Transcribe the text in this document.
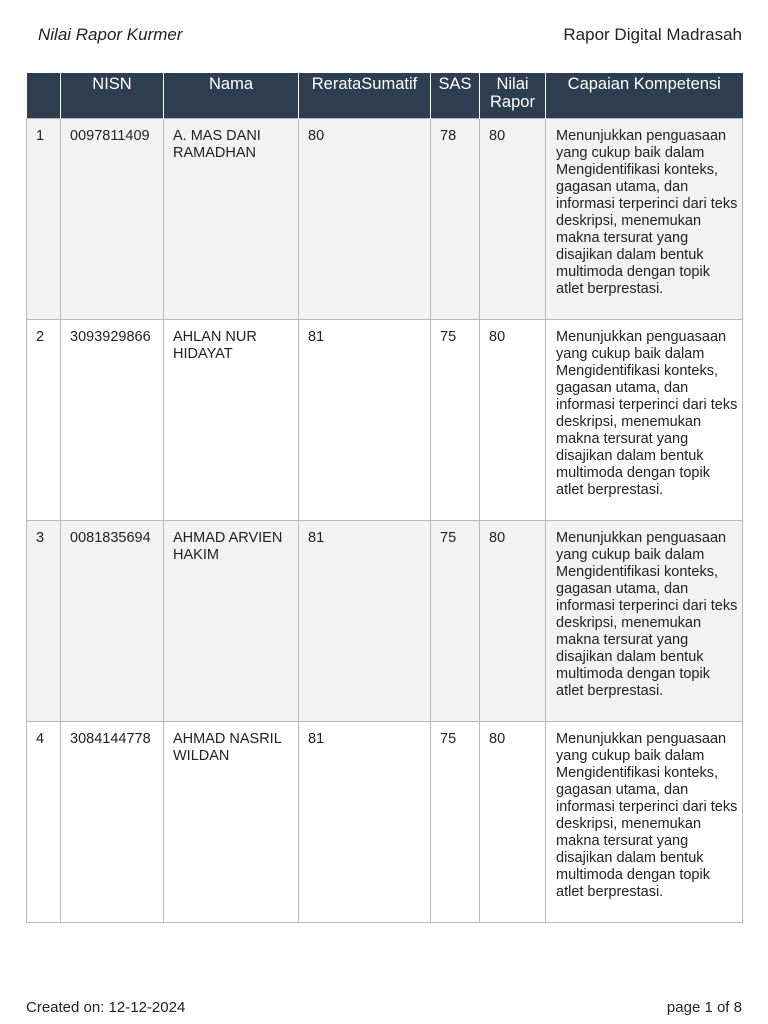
Nilai Rapor Kurmer	Rapor Digital Madrasah
	NISN	Nama	RerataSumatif	SAS	Nilai Rapor	Capaian Kompetensi
1	0097811409	A. MAS DANI RAMADHAN	80	78	80	Menunjukkan penguasaan yang cukup baik dalam Mengidentifikasi konteks, gagasan utama, dan informasi terperinci dari teks deskripsi, menemukan makna tersurat yang disajikan dalam bentuk multimoda dengan topik atlet berprestasi.
2	3093929866	AHLAN NUR HIDAYAT	81	75	80	Menunjukkan penguasaan yang cukup baik dalam Mengidentifikasi konteks, gagasan utama, dan informasi terperinci dari teks deskripsi, menemukan makna tersurat yang disajikan dalam bentuk multimoda dengan topik atlet berprestasi.
3	0081835694	AHMAD ARVIEN HAKIM	81	75	80	Menunjukkan penguasaan yang cukup baik dalam Mengidentifikasi konteks, gagasan utama, dan informasi terperinci dari teks deskripsi, menemukan makna tersurat yang disajikan dalam bentuk multimoda dengan topik atlet berprestasi.
4	3084144778	AHMAD NASRIL WILDAN	81	75	80	Menunjukkan penguasaan yang cukup baik dalam Mengidentifikasi konteks, gagasan utama, dan informasi terperinci dari teks deskripsi, menemukan makna tersurat yang disajikan dalam bentuk multimoda dengan topik atlet berprestasi.
Created on: 12-12-2024	page 1 of 8
